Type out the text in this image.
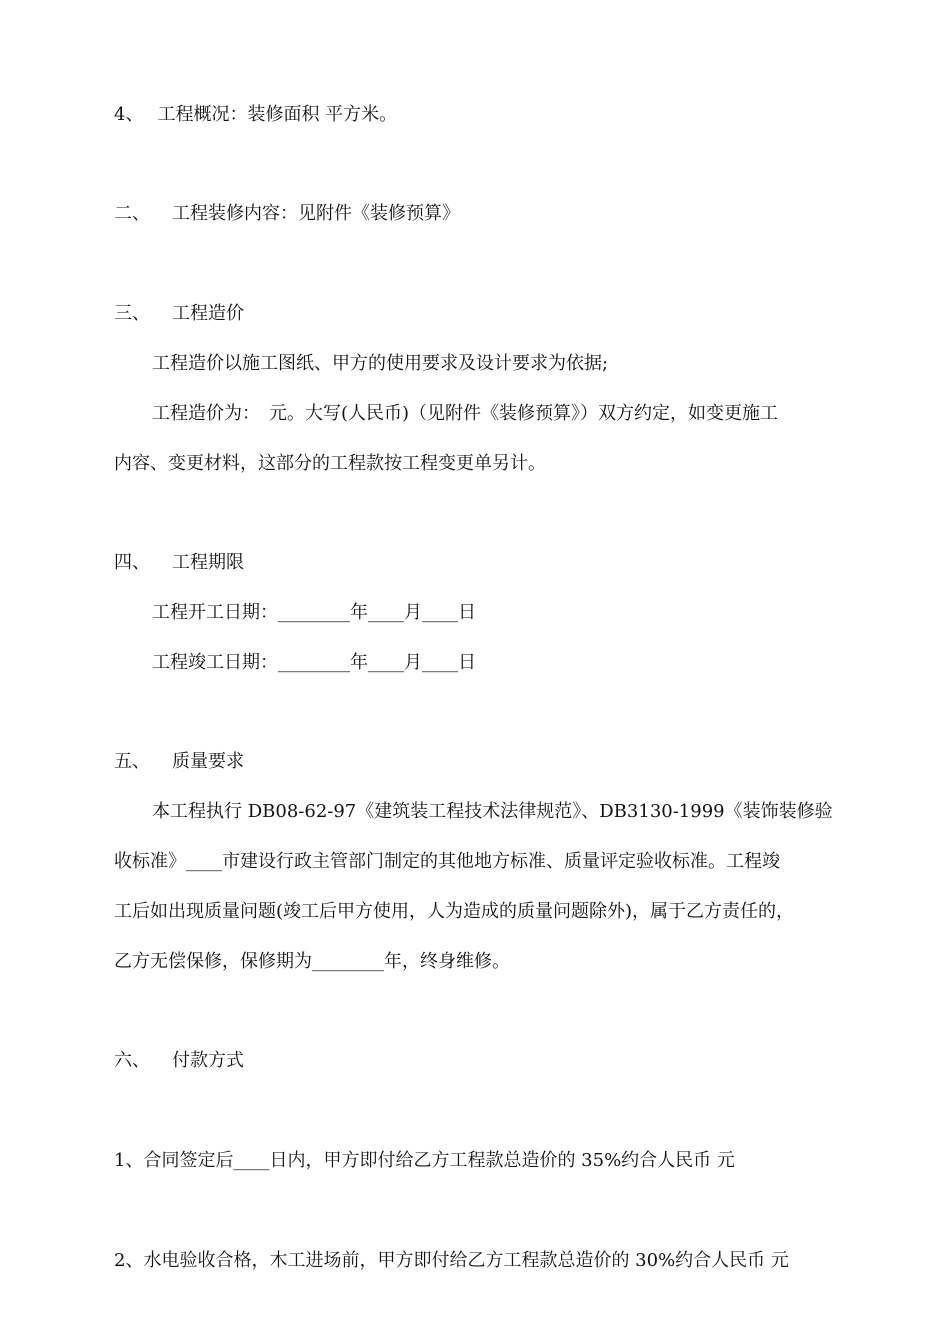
4、 工程概况：装修面积 平方米。
二、 工程装修内容：见附件《装修预算》
三、 工程造价
工程造价以施工图纸、甲方的使用要求及设计要求为依据;
工程造价为：　元。大写(人民币)（见附件《装修预算》）双方约定，如变更施工
内容、变更材料，这部分的工程款按工程变更单另计。
四、 工程期限
工程开工日期：________年____月____日
工程竣工日期：________年____月____日
五、 质量要求
本工程执行 DB08-62-97《建筑装工程技术法律规范》、DB3130-1999《装饰装修验
收标准》____市建设行政主管部门制定的其他地方标准、质量评定验收标准。工程竣
工后如出现质量问题(竣工后甲方使用，人为造成的质量问题除外)，属于乙方责任的，
乙方无偿保修，保修期为________年，终身维修。
六、 付款方式
1、合同签定后____日内，甲方即付给乙方工程款总造价的 35%约合人民币 元
2、水电验收合格，木工进场前，甲方即付给乙方工程款总造价的 30%约合人民币 元
